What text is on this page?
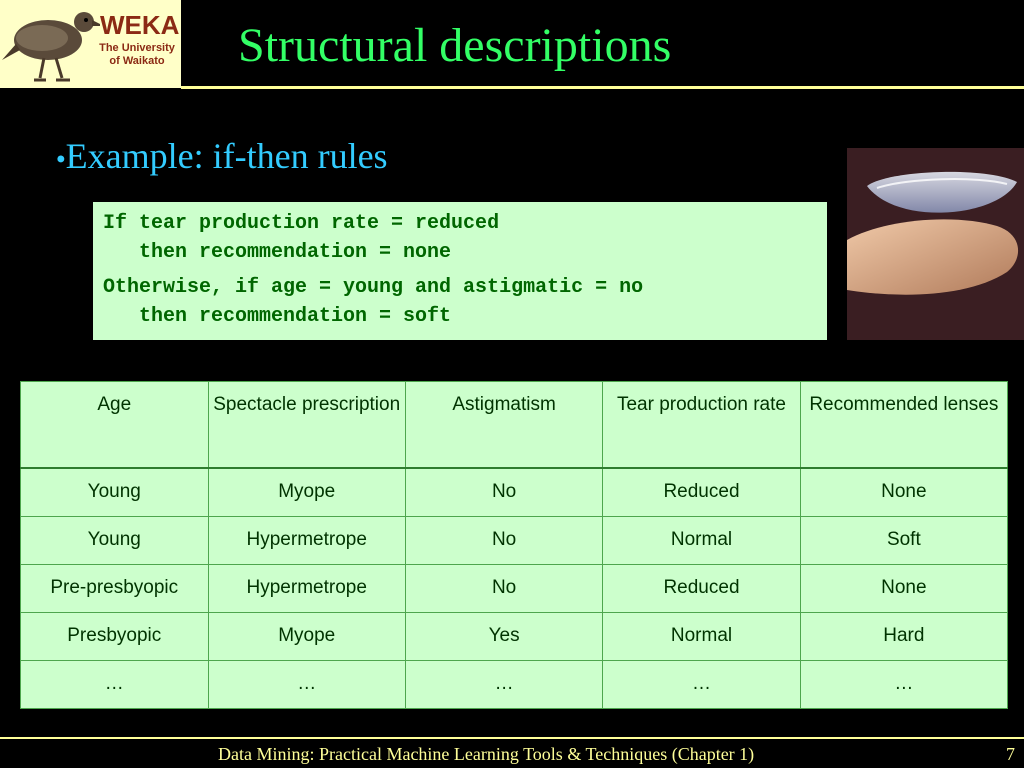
WEKA
The University of Waikato Structural descriptions
●Example: if-then rules
If tear production rate = reduced
then recommendation = none
Otherwise, if age = young and astigmatic = no
then recommendation = soft
Age	Spectacle prescription	Astigmatism	Tear production rate	Recommended lenses
Young	Myope	No	Reduced	None
Young	Hypermetrope	No	Normal	Soft
Pre-presbyopic	Hypermetrope	No	Reduced	None
Presbyopic	Myope	Yes	Normal	Hard
…	…	…	…	…
Data Mining: Practical Machine Learning Tools & Techniques (Chapter 1)	7
